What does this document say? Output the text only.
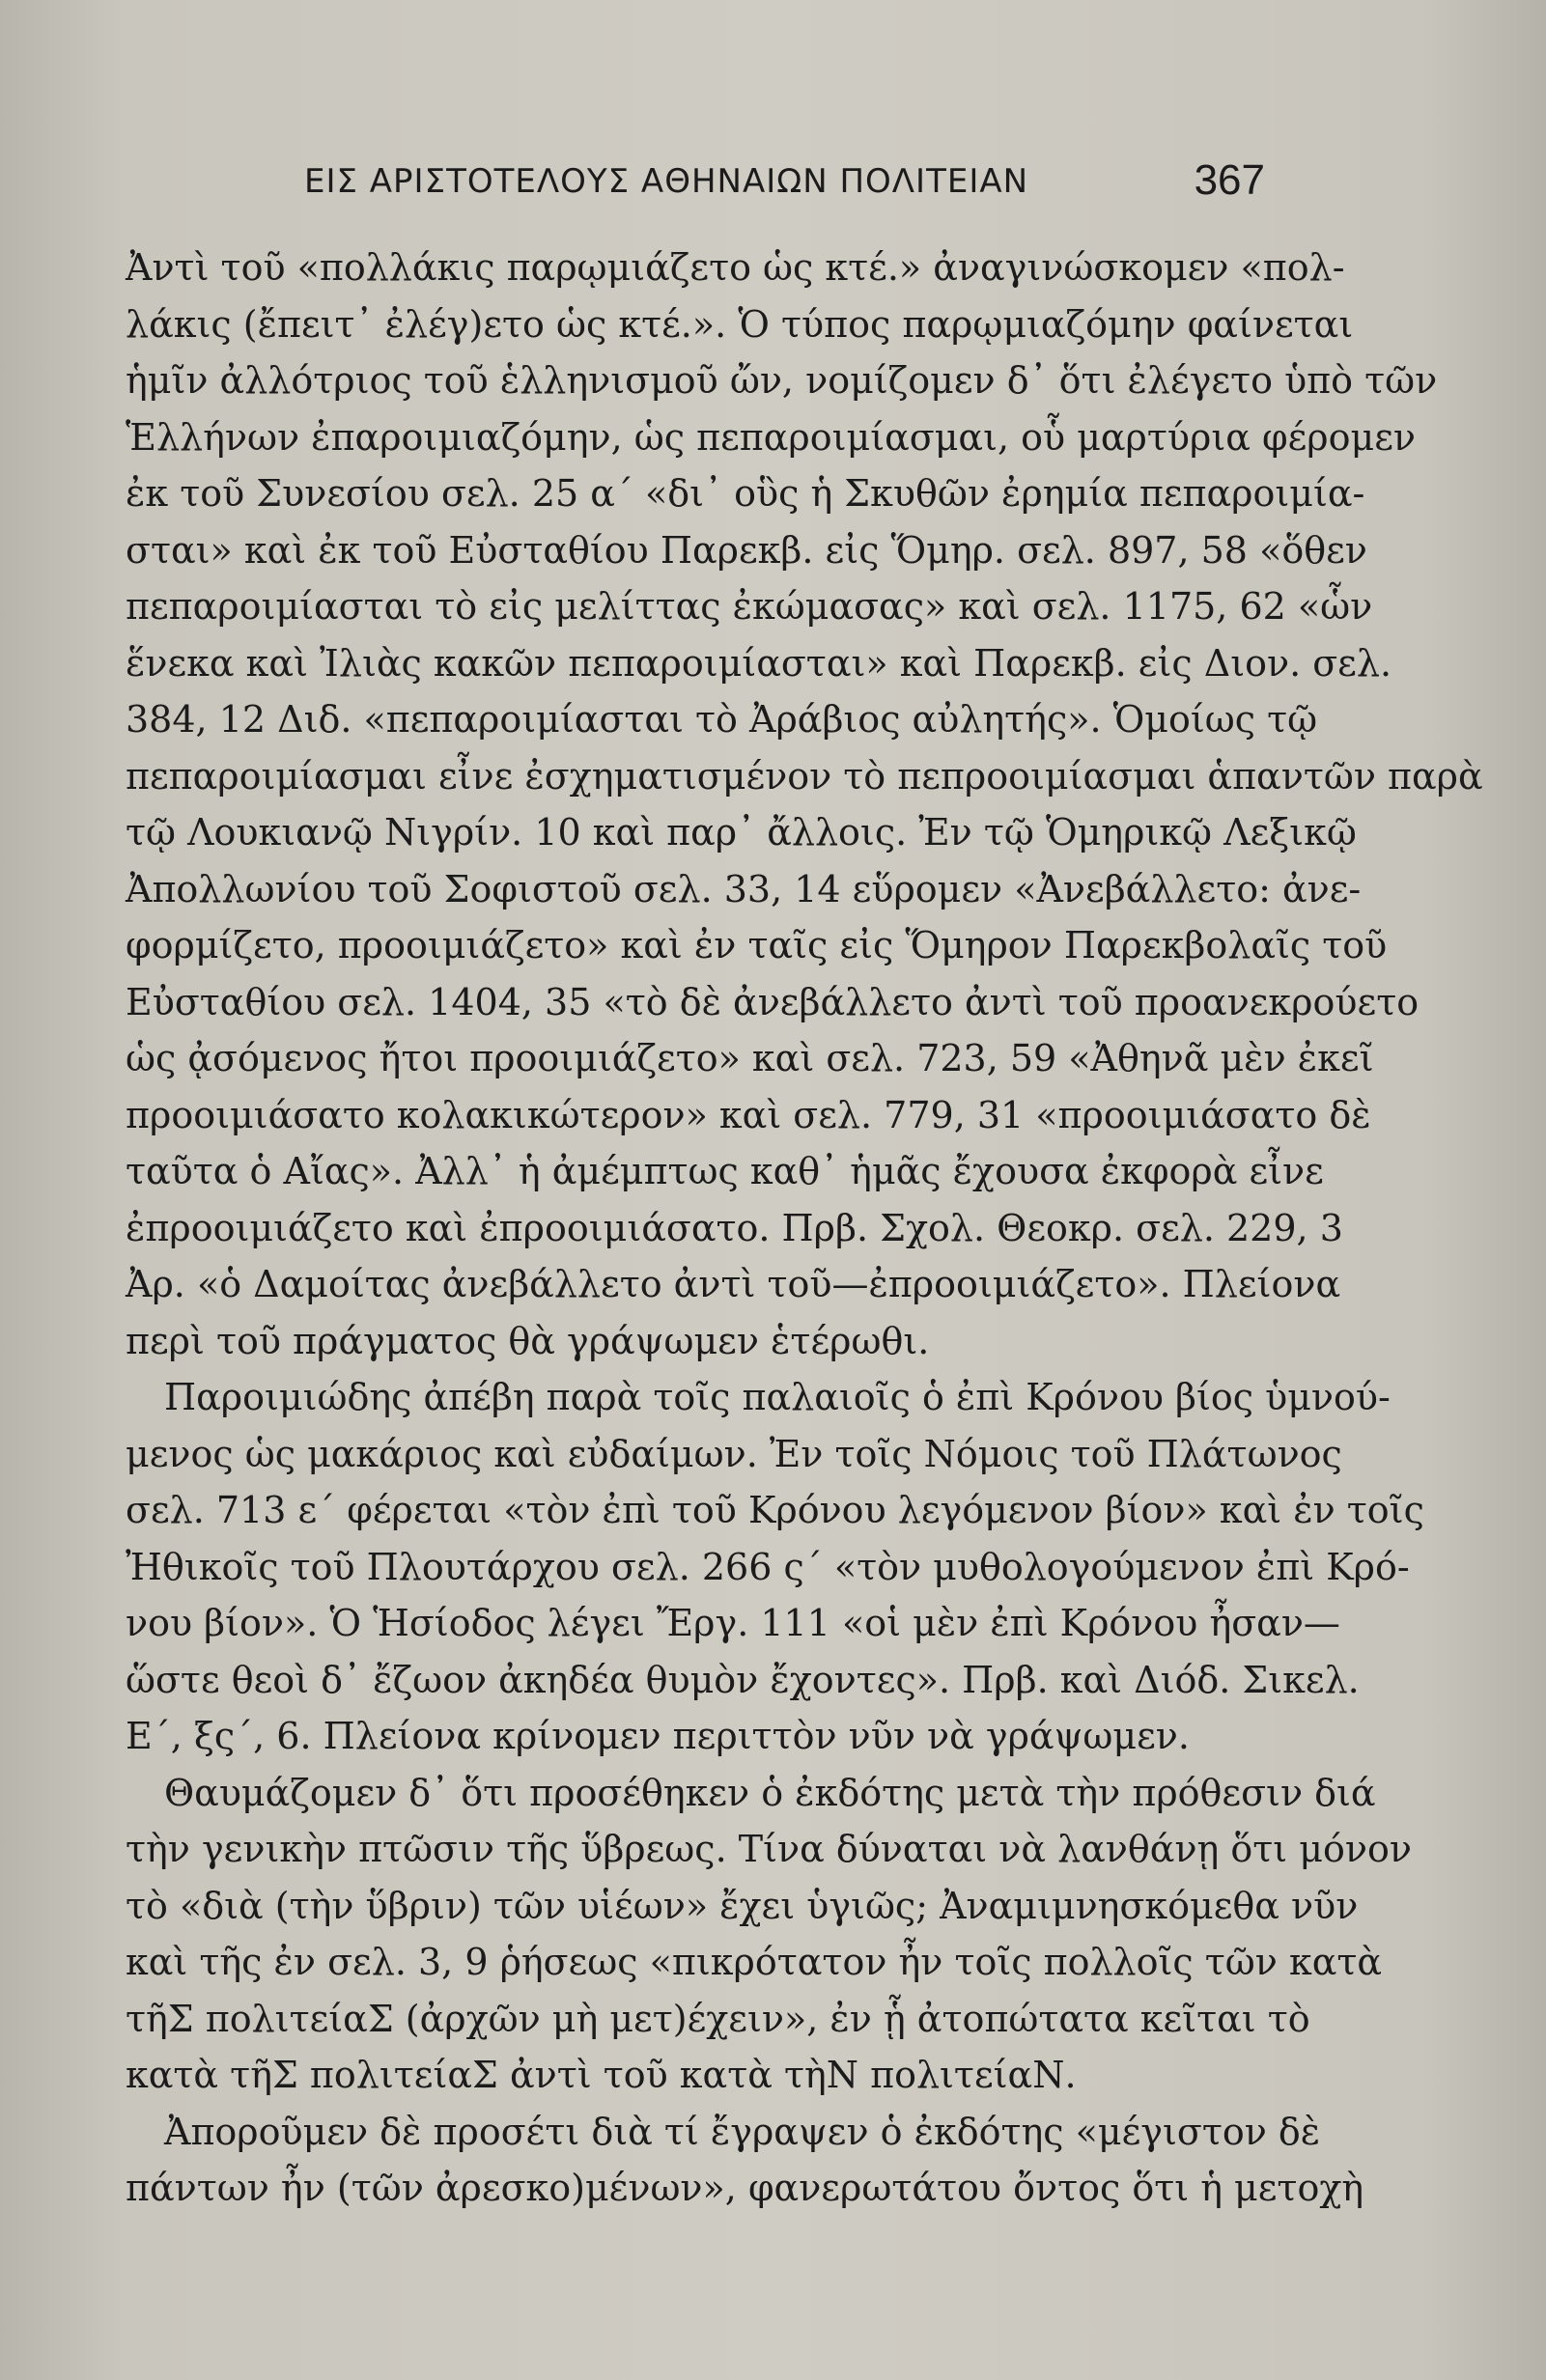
ΕΙΣ ΑΡΙΣΤΟΤΕΛΟΥΣ ΑΘΗΝΑΙΩΝ ΠΟΛΙΤΕΙΑΝ	367
Ἀντὶ τοῦ «πολλάκις παρῳμιάζετο ὡς κτέ.» ἀναγινώσκομεν «πολ-
λάκις (ἔπειτ᾽ ἐλέγ)ετο ὡς κτέ.». Ὁ τύπος παρῳμιαζόμην φαίνεται
ἡμῖν ἀλλότριος τοῦ ἑλληνισμοῦ ὤν, νομίζομεν δ᾽ ὅτι ἐλέγετο ὑπὸ τῶν
Ἑλλήνων ἐπαροιμιαζόμην, ὡς πεπαροιμίασμαι, οὗ μαρτύρια φέρομεν
ἐκ τοῦ Συνεσίου σελ. 25 α΄ «δι᾽ οὓς ἡ Σκυθῶν ἐρημία πεπαροιμία-
σται» καὶ ἐκ τοῦ Εὐσταθίου Παρεκβ. εἰς Ὅμηρ. σελ. 897, 58 «ὅθεν
πεπαροιμίασται τὸ εἰς μελίττας ἐκώμασας» καὶ σελ. 1175, 62 «ὧν
ἕνεκα καὶ Ἰλιὰς κακῶν πεπαροιμίασται» καὶ Παρεκβ. εἰς Διον. σελ.
384, 12 Διδ. «πεπαροιμίασται τὸ Ἀράβιος αὐλητής». Ὁμοίως τῷ
πεπαροιμίασμαι εἶνε ἐσχηματισμένον τὸ πεπροοιμίασμαι ἁπαντῶν παρὰ
τῷ Λουκιανῷ Νιγρίν. 10 καὶ παρ᾽ ἄλλοις. Ἐν τῷ Ὁμηρικῷ Λεξικῷ
Ἀπολλωνίου τοῦ Σοφιστοῦ σελ. 33, 14 εὕρομεν «Ἀνεβάλλετο: ἀνε-
φορμίζετο, προοιμιάζετο» καὶ ἐν ταῖς εἰς Ὅμηρον Παρεκβολαῖς τοῦ
Εὐσταθίου σελ. 1404, 35 «τὸ δὲ ἀνεβάλλετο ἀντὶ τοῦ προανεκρούετο
ὡς ᾀσόμενος ἤτοι προοιμιάζετο» καὶ σελ. 723, 59 «Ἀθηνᾶ μὲν ἐκεῖ
προοιμιάσατο κολακικώτερον» καὶ σελ. 779, 31 «προοιμιάσατο δὲ
ταῦτα ὁ Αἴας». Ἀλλ᾽ ἡ ἀμέμπτως καθ᾽ ἡμᾶς ἔχουσα ἐκφορὰ εἶνε
ἐπροοιμιάζετο καὶ ἐπροοιμιάσατο. Πρβ. Σχολ. Θεοκρ. σελ. 229, 3
Ἀρ. «ὁ Δαμοίτας ἀνεβάλλετο ἀντὶ τοῦ—ἐπροοιμιάζετο». Πλείονα
περὶ τοῦ πράγματος θὰ γράψωμεν ἑτέρωθι.
Παροιμιώδης ἀπέβη παρὰ τοῖς παλαιοῖς ὁ ἐπὶ Κρόνου βίος ὑμνού-
μενος ὡς μακάριος καὶ εὐδαίμων. Ἐν τοῖς Νόμοις τοῦ Πλάτωνος
σελ. 713 ε΄ φέρεται «τὸν ἐπὶ τοῦ Κρόνου λεγόμενον βίον» καὶ ἐν τοῖς
Ἠθικοῖς τοῦ Πλουτάρχου σελ. 266 ς΄ «τὸν μυθολογούμενον ἐπὶ Κρό-
νου βίον». Ὁ Ἡσίοδος λέγει Ἔργ. 111 «οἱ μὲν ἐπὶ Κρόνου ἦσαν—
ὥστε θεοὶ δ᾽ ἔζωον ἀκηδέα θυμὸν ἔχοντες». Πρβ. καὶ Διόδ. Σικελ.
Ε΄, ξς΄, 6. Πλείονα κρίνομεν περιττὸν νῦν νὰ γράψωμεν.
Θαυμάζομεν δ᾽ ὅτι προσέθηκεν ὁ ἐκδότης μετὰ τὴν πρόθεσιν διά
τὴν γενικὴν πτῶσιν τῆς ὕβρεως. Τίνα δύναται νὰ λανθάνῃ ὅτι μόνον
τὸ «διὰ (τὴν ὕβριν) τῶν υἱέων» ἔχει ὑγιῶς; Ἀναμιμνησκόμεθα νῦν
καὶ τῆς ἐν σελ. 3, 9 ῥήσεως «πικρότατον ἦν τοῖς πολλοῖς τῶν κατὰ
τῆΣ πολιτείαΣ (ἀρχῶν μὴ μετ)έχειν», ἐν ᾗ ἀτοπώτατα κεῖται τὸ
κατὰ τῆΣ πολιτείαΣ ἀντὶ τοῦ κατὰ τὴΝ πολιτείαΝ.
Ἀποροῦμεν δὲ προσέτι διὰ τί ἔγραψεν ὁ ἐκδότης «μέγιστον δὲ
πάντων ἦν (τῶν ἀρεσκο)μένων», φανερωτάτου ὄντος ὅτι ἡ μετοχὴ
